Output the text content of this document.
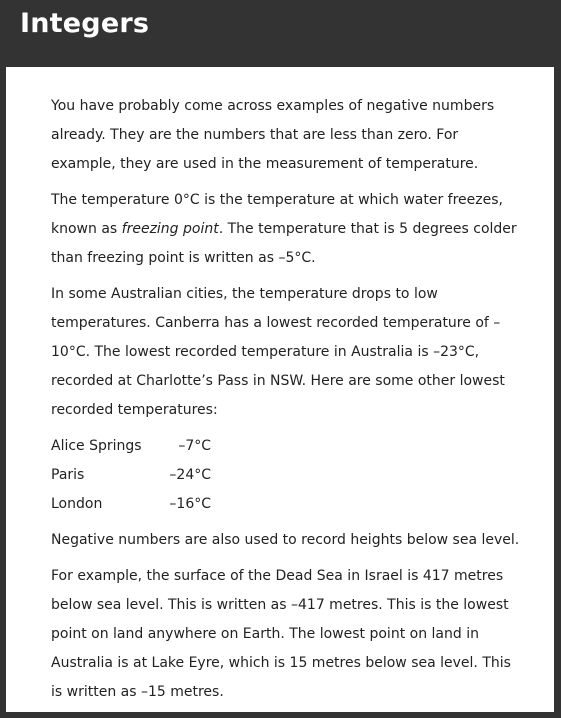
Integers

You have probably come across examples of negative numbers already. They are the numbers that are less than zero. For example, they are used in the measurement of temperature.

The temperature 0°C is the temperature at which water freezes, known as freezing point. The temperature that is 5 degrees colder than freezing point is written as –5°C.

In some Australian cities, the temperature drops to low temperatures. Canberra has a lowest recorded temperature of –10°C. The lowest recorded temperature in Australia is –23°C, recorded at Charlotte’s Pass in NSW. Here are some other lowest recorded temperatures:

Alice Springs	–7°C
Paris	–24°C
London	–16°C

Negative numbers are also used to record heights below sea level.

For example, the surface of the Dead Sea in Israel is 417 metres below sea level. This is written as –417 metres. This is the lowest point on land anywhere on Earth. The lowest point on land in Australia is at Lake Eyre, which is 15 metres below sea level. This is written as –15 metres.
